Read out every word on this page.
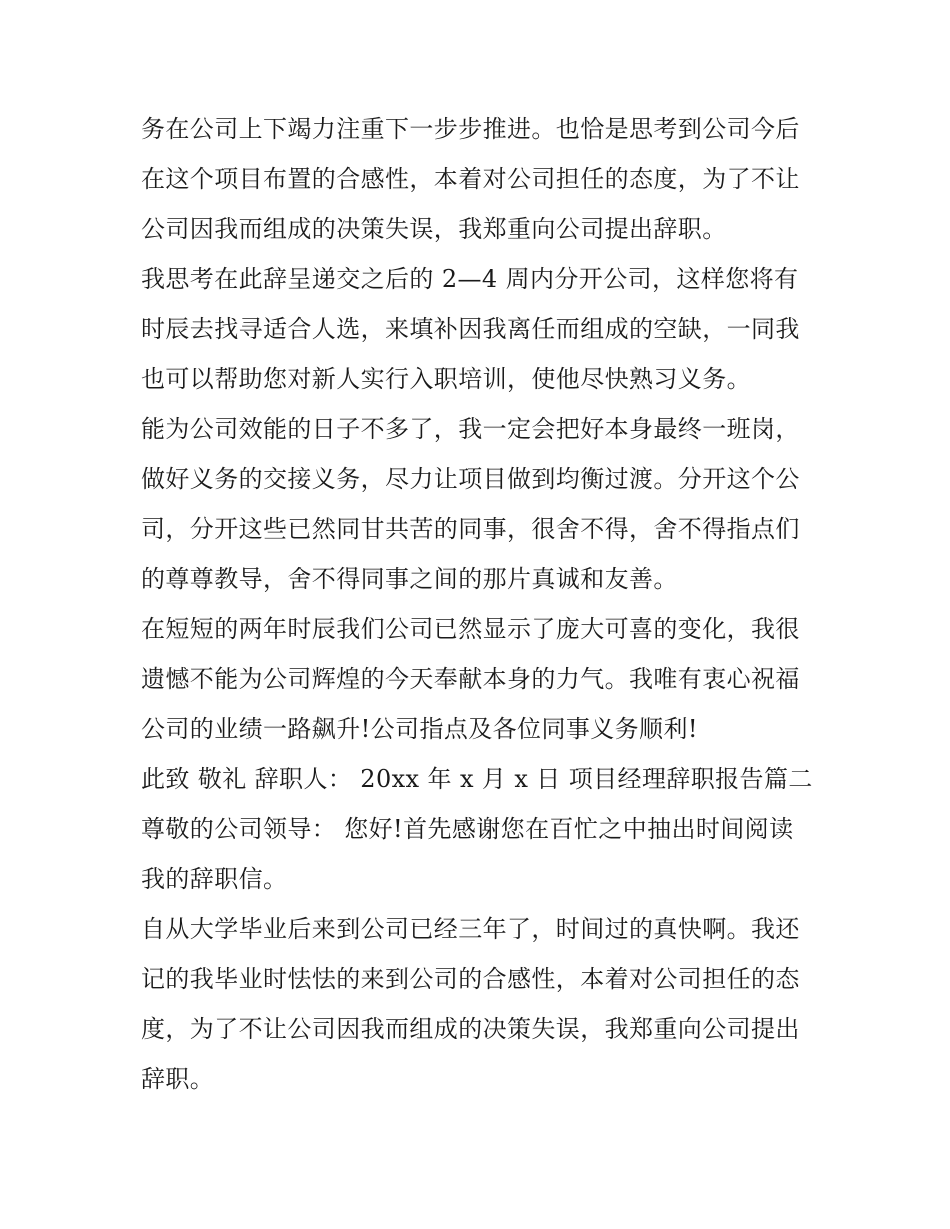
务在公司上下竭力注重下一步步推进。也恰是思考到公司今后
在这个项目布置的合感性，本着对公司担任的态度，为了不让
公司因我而组成的决策失误，我郑重向公司提出辞职。
我思考在此辞呈递交之后的 2—4 周内分开公司，这样您将有
时辰去找寻适合人选，来填补因我离任而组成的空缺，一同我
也可以帮助您对新人实行入职培训，使他尽快熟习义务。
能为公司效能的日子不多了，我一定会把好本身最终一班岗，
做好义务的交接义务，尽力让项目做到均衡过渡。分开这个公
司，分开这些已然同甘共苦的同事，很舍不得，舍不得指点们
的尊尊教导，舍不得同事之间的那片真诚和友善。
在短短的两年时辰我们公司已然显示了庞大可喜的变化，我很
遗憾不能为公司辉煌的今天奉献本身的力气。我唯有衷心祝福
公司的业绩一路飙升!公司指点及各位同事义务顺利!
此致 敬礼 辞职人： 20xx 年 x 月 x 日 项目经理辞职报告篇二
尊敬的公司领导： 您好!首先感谢您在百忙之中抽出时间阅读
我的辞职信。
自从大学毕业后来到公司已经三年了，时间过的真快啊。我还
记的我毕业时怯怯的来到公司的合感性，本着对公司担任的态
度，为了不让公司因我而组成的决策失误，我郑重向公司提出
辞职。
